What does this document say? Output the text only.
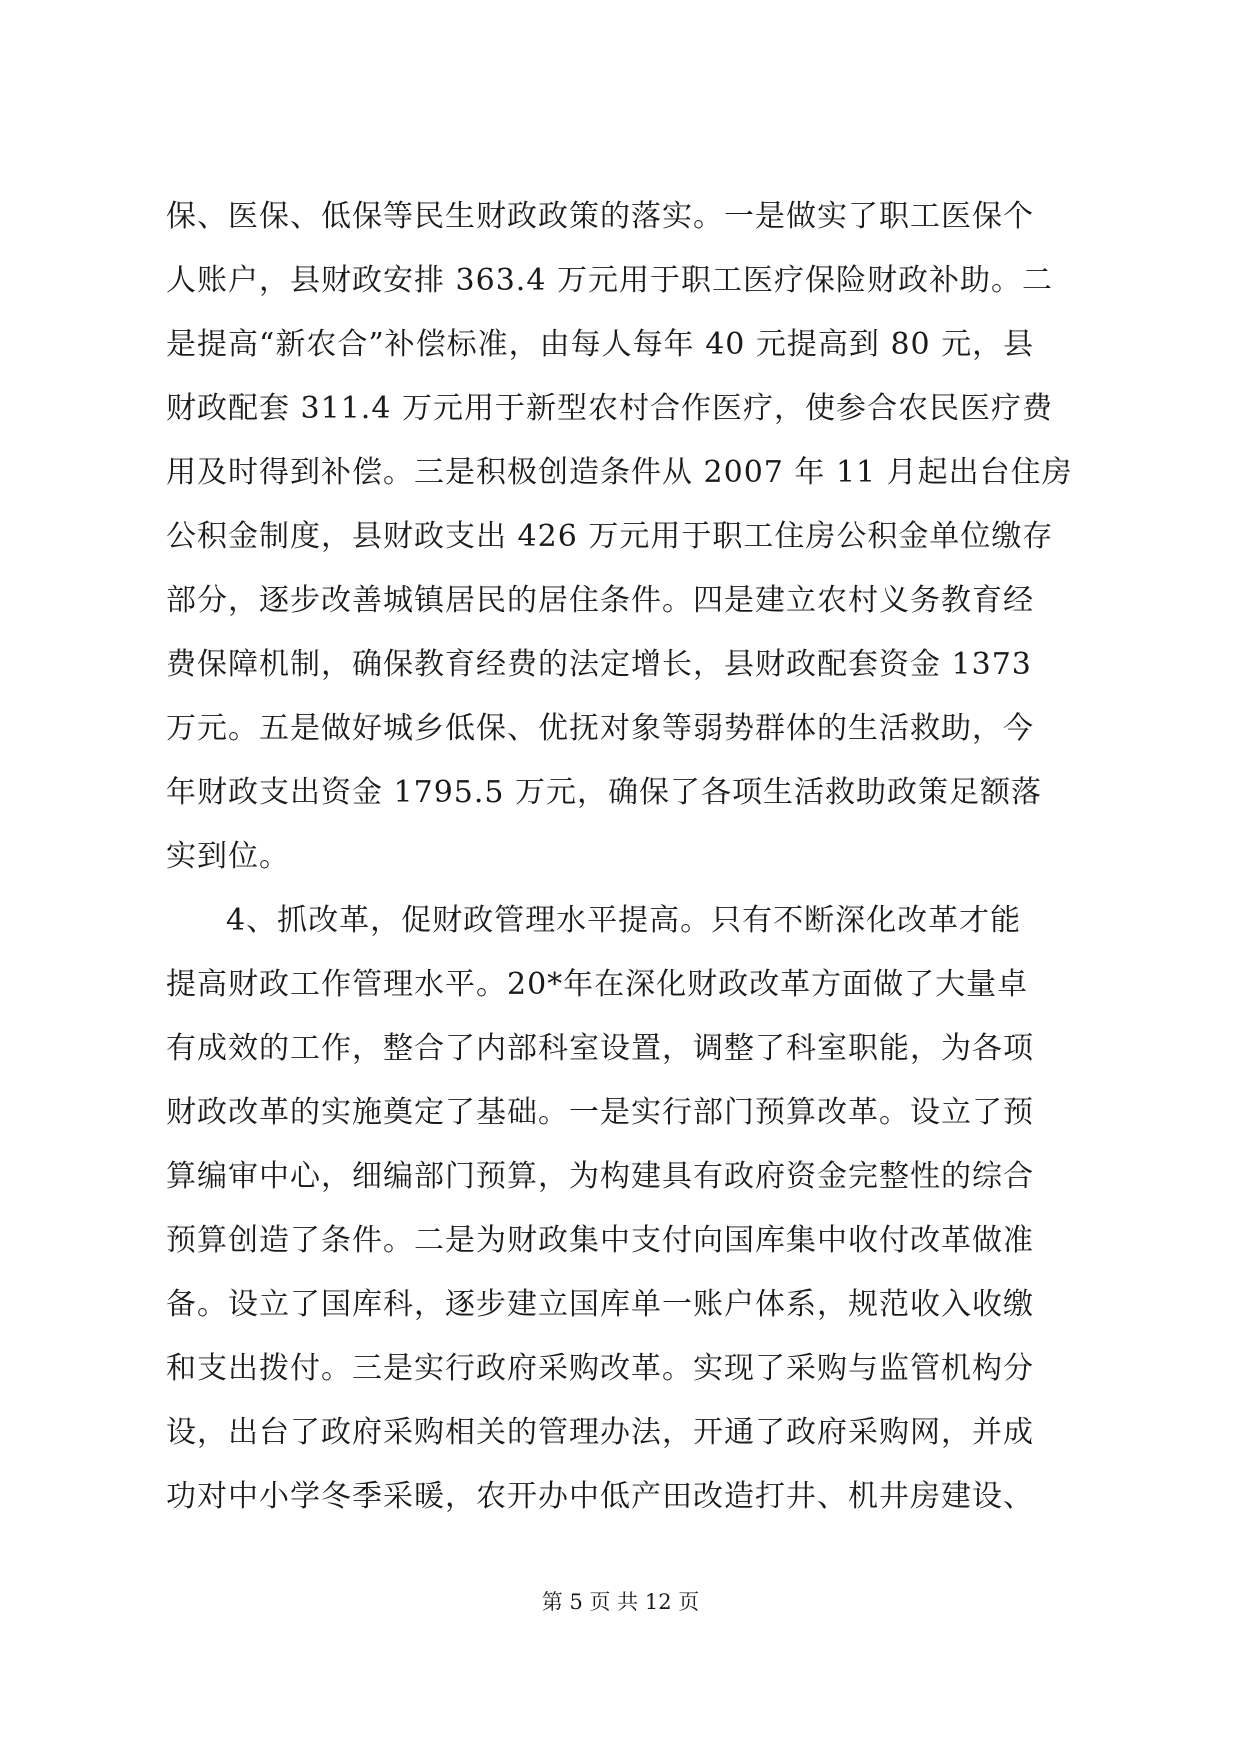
保、医保、低保等民生财政政策的落实。一是做实了职工医保个
人账户，县财政安排 363.4 万元用于职工医疗保险财政补助。二
是提高“新农合”补偿标准，由每人每年 40 元提高到 80 元，县
财政配套 311.4 万元用于新型农村合作医疗，使参合农民医疗费
用及时得到补偿。三是积极创造条件从 2007 年 11 月起出台住房
公积金制度，县财政支出 426 万元用于职工住房公积金单位缴存
部分，逐步改善城镇居民的居住条件。四是建立农村义务教育经
费保障机制，确保教育经费的法定增长，县财政配套资金 1373
万元。五是做好城乡低保、优抚对象等弱势群体的生活救助，今
年财政支出资金 1795.5 万元，确保了各项生活救助政策足额落
实到位。
4、抓改革，促财政管理水平提高。只有不断深化改革才能
提高财政工作管理水平。20*年在深化财政改革方面做了大量卓
有成效的工作，整合了内部科室设置，调整了科室职能，为各项
财政改革的实施奠定了基础。一是实行部门预算改革。设立了预
算编审中心，细编部门预算，为构建具有政府资金完整性的综合
预算创造了条件。二是为财政集中支付向国库集中收付改革做准
备。设立了国库科，逐步建立国库单一账户体系，规范收入收缴
和支出拨付。三是实行政府采购改革。实现了采购与监管机构分
设，出台了政府采购相关的管理办法，开通了政府采购网，并成
功对中小学冬季采暖，农开办中低产田改造打井、机井房建设、
第 5 页 共 12 页
